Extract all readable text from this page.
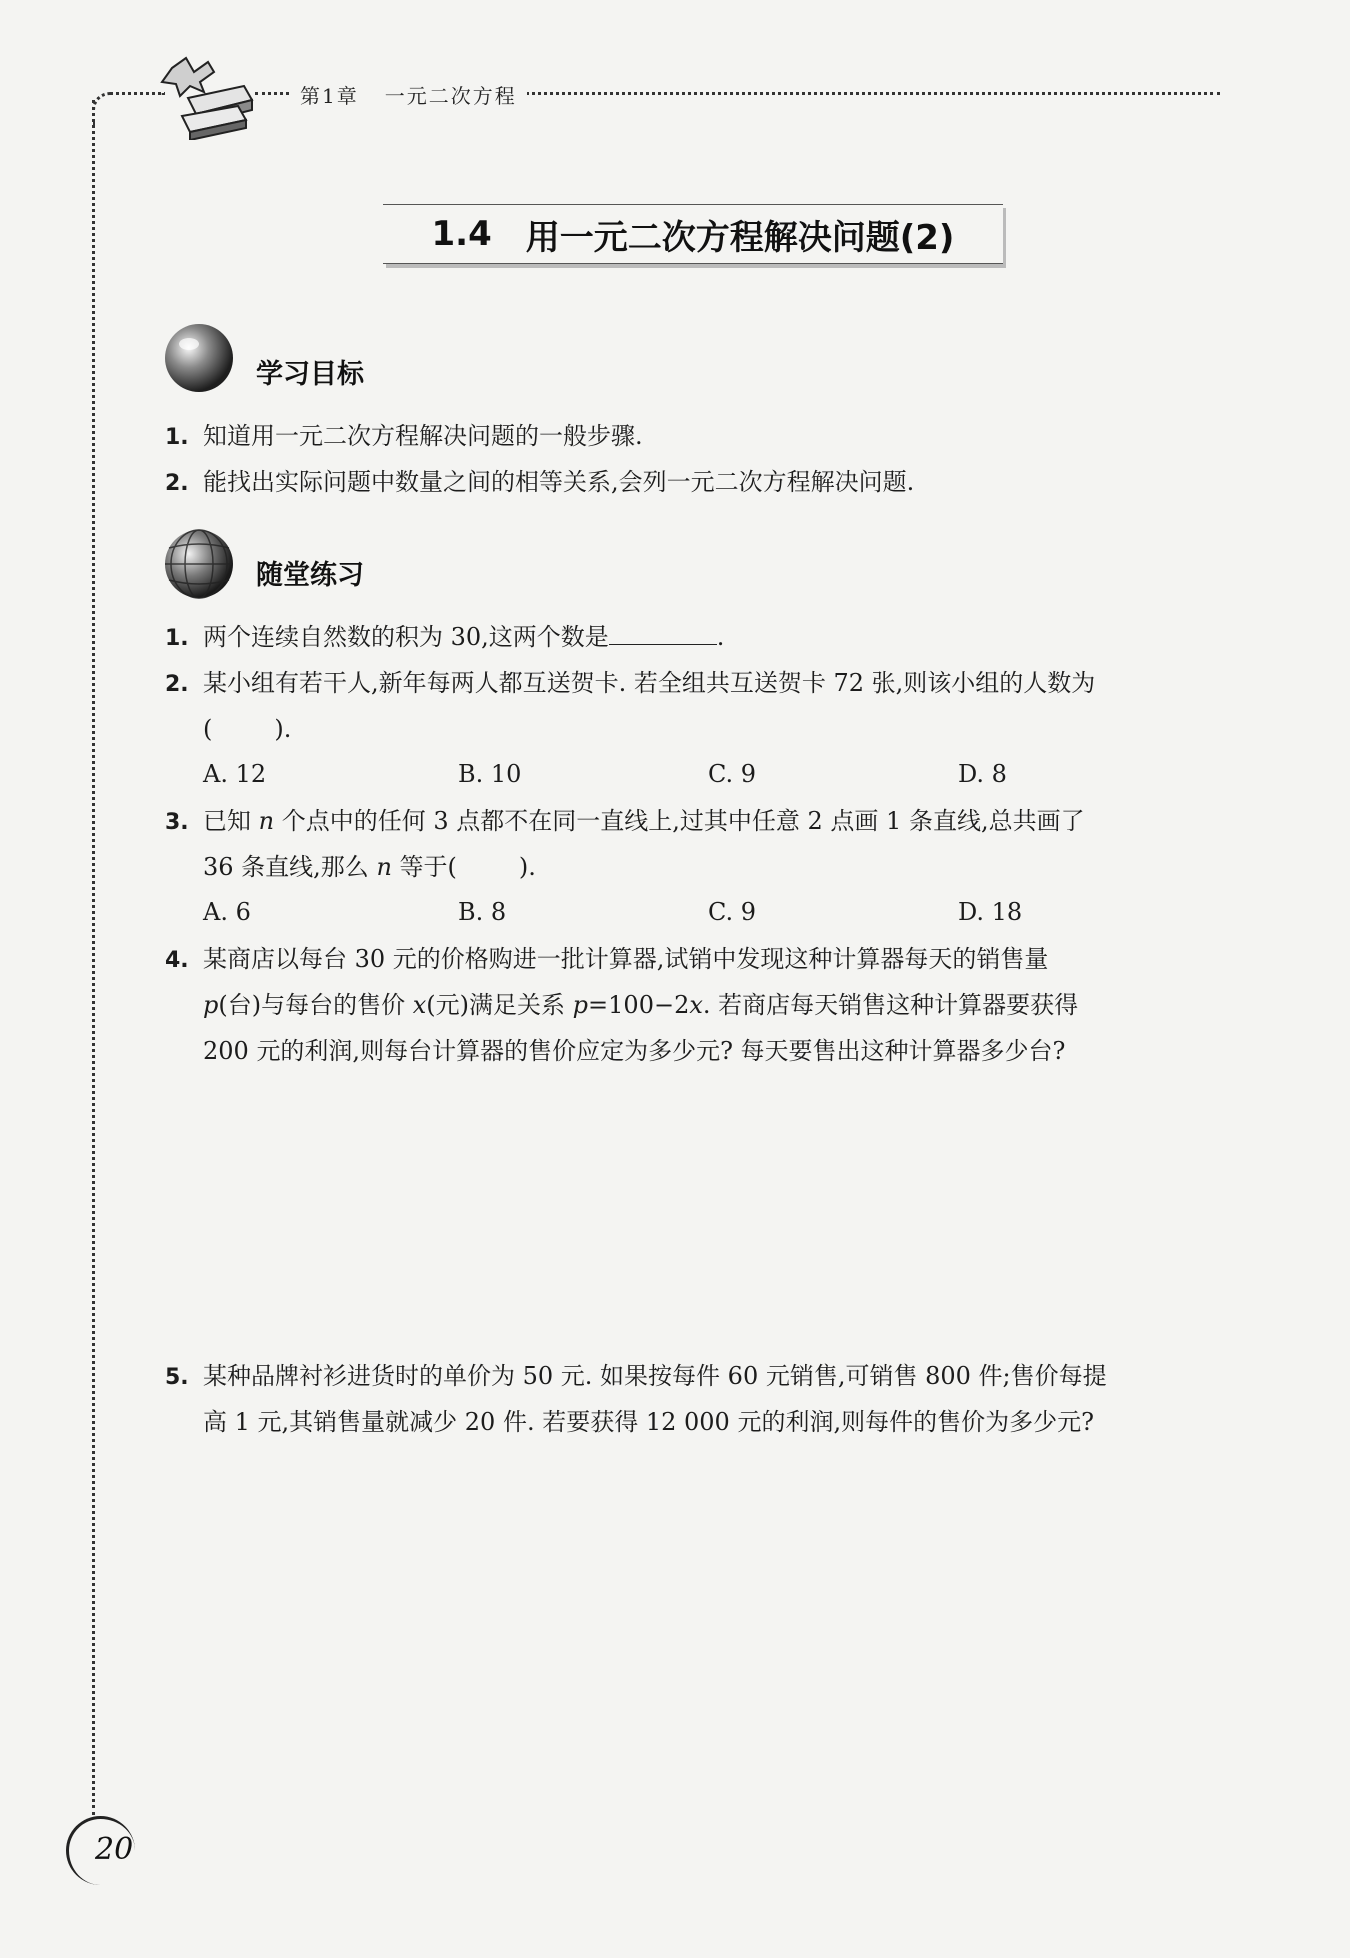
第1章 一元二次方程
1.4 用一元二次方程解决问题(2)
学习目标
1. 知道用一元二次方程解决问题的一般步骤.
2. 能找出实际问题中数量之间的相等关系,会列一元二次方程解决问题.
随堂练习
1. 两个连续自然数的积为 30,这两个数是	.
2. 某小组有若干人,新年每两人都互送贺卡. 若全组共互送贺卡 72 张,则该小组的人数为
(	).
A. 12	B. 10	C. 9	D. 8
3. 已知 n 个点中的任何 3 点都不在同一直线上,过其中任意 2 点画 1 条直线,总共画了
36 条直线,那么 n 等于(	).
A. 6	B. 8	C. 9	D. 18
4. 某商店以每台 30 元的价格购进一批计算器,试销中发现这种计算器每天的销售量
p(台)与每台的售价 x(元)满足关系 p=100−2x. 若商店每天销售这种计算器要获得
200 元的利润,则每台计算器的售价应定为多少元? 每天要售出这种计算器多少台?
5. 某种品牌衬衫进货时的单价为 50 元. 如果按每件 60 元销售,可销售 800 件;售价每提
高 1 元,其销售量就减少 20 件. 若要获得 12 000 元的利润,则每件的售价为多少元?
20
